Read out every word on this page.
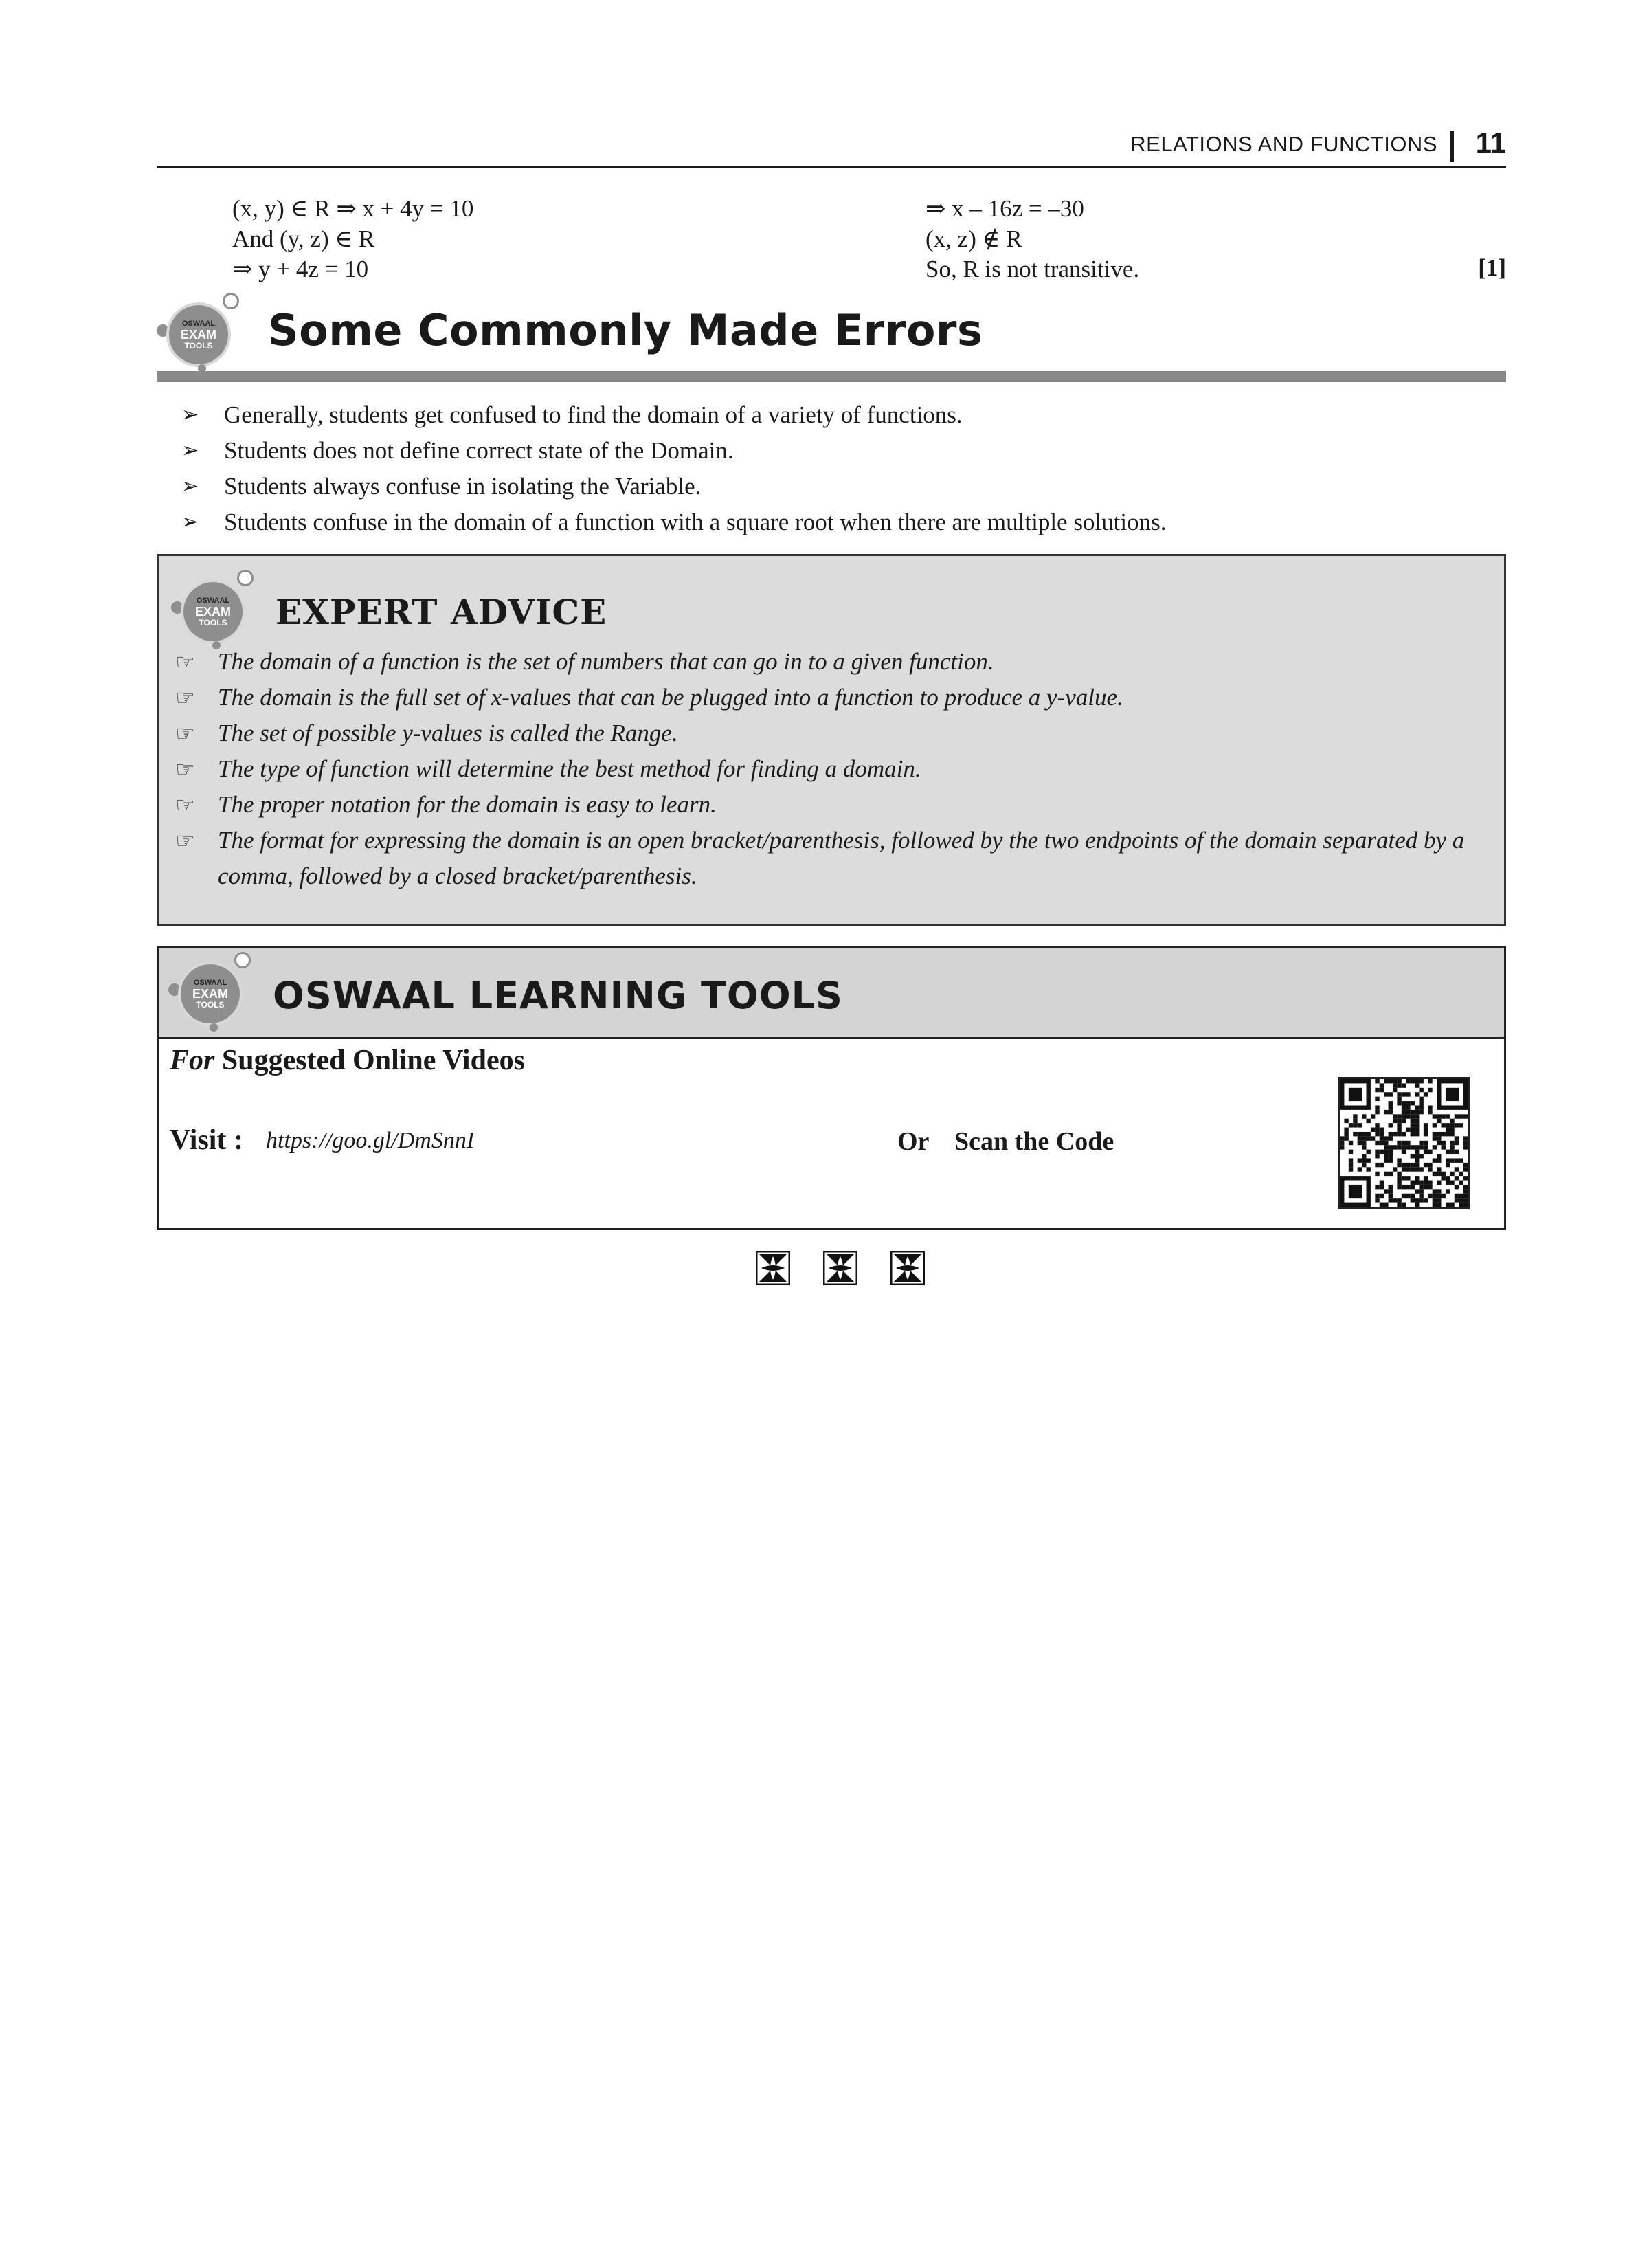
RELATIONS AND FUNCTIONS 11
(x, y) ∈ R ⇒ x + 4y = 10
And (y, z) ∈ R
⇒ y + 4z = 10
⇒ x – 16z = –30
(x, z) ∉ R
So, R is not transitive.	[1]
OSWAAL
EXAM
TOOLS	Some Commonly Made Errors
➢ Generally, students get confused to find the domain of a variety of functions.
➢ Students does not define correct state of the Domain.
➢ Students always confuse in isolating the Variable.
➢ Students confuse in the domain of a function with a square root when there are multiple solutions.
OSWAAL
EXAM
TOOLS	EXPERT ADVICE
☞ The domain of a function is the set of numbers that can go in to a given function.
☞ The domain is the full set of x-values that can be plugged into a function to produce a y-value.
☞ The set of possible y-values is called the Range.
☞ The type of function will determine the best method for finding a domain.
☞ The proper notation for the domain is easy to learn.
☞ The format for expressing the domain is an open bracket/parenthesis, followed by the two endpoints of the domain separated by a comma, followed by a closed bracket/parenthesis.
OSWAAL
EXAM
TOOLS	OSWAAL LEARNING TOOLS
For Suggested Online Videos
Visit : https://goo.gl/DmSnnI	Or Scan the Code
